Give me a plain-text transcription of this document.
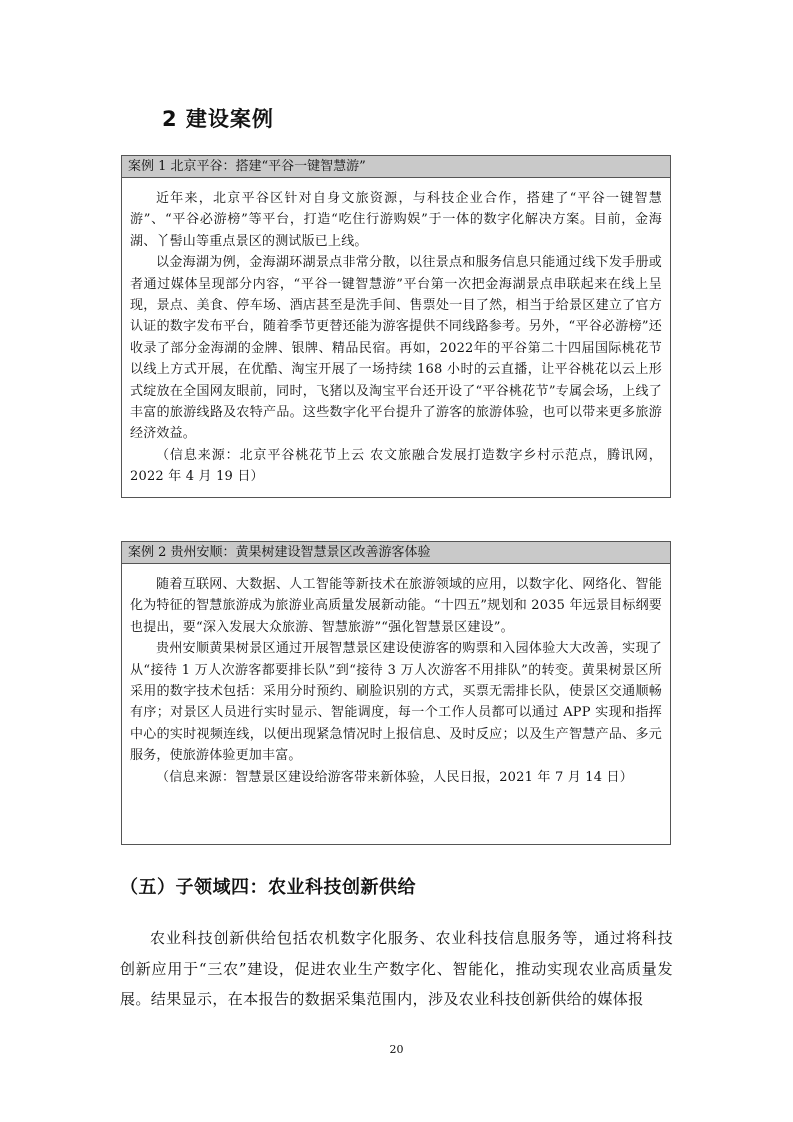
2 建设案例
案例 1 北京平谷：搭建“平谷一键智慧游”

近年来，北京平谷区针对自身文旅资源，与科技企业合作，搭建了“平谷一键智慧游”、“平谷必游榜”等平台，打造“吃住行游购娱”于一体的数字化解决方案。目前，金海湖、丫髻山等重点景区的测试版已上线。

以金海湖为例，金海湖环湖景点非常分散，以往景点和服务信息只能通过线下发手册或者通过媒体呈现部分内容，“平谷一键智慧游”平台第一次把金海湖景点串联起来在线上呈现，景点、美食、停车场、酒店甚至是洗手间、售票处一目了然，相当于给景区建立了官方认证的数字发布平台，随着季节更替还能为游客提供不同线路参考。另外，“平谷必游榜”还收录了部分金海湖的金牌、银牌、精品民宿。再如，2022年的平谷第二十四届国际桃花节以线上方式开展，在优酷、淘宝开展了一场持续 168 小时的云直播，让平谷桃花以云上形式绽放在全国网友眼前，同时，飞猪以及淘宝平台还开设了“平谷桃花节”专属会场，上线了丰富的旅游线路及农特产品。这些数字化平台提升了游客的旅游体验，也可以带来更多旅游经济效益。

（信息来源：北京平谷桃花节上云 农文旅融合发展打造数字乡村示范点，腾讯网，2022 年 4 月 19 日）

案例 2 贵州安顺：黄果树建设智慧景区改善游客体验

随着互联网、大数据、人工智能等新技术在旅游领域的应用，以数字化、网络化、智能化为特征的智慧旅游成为旅游业高质量发展新动能。“十四五”规划和 2035 年远景目标纲要也提出，要“深入发展大众旅游、智慧旅游”“强化智慧景区建设”。

贵州安顺黄果树景区通过开展智慧景区建设使游客的购票和入园体验大大改善，实现了从“接待 1 万人次游客都要排长队”到“接待 3 万人次游客不用排队”的转变。黄果树景区所采用的数字技术包括：采用分时预约、刷脸识别的方式，买票无需排长队，使景区交通顺畅有序；对景区人员进行实时显示、智能调度，每一个工作人员都可以通过 APP 实现和指挥中心的实时视频连线，以便出现紧急情况时上报信息、及时反应；以及生产智慧产品、多元服务，使旅游体验更加丰富。

（信息来源：智慧景区建设给游客带来新体验，人民日报，2021 年 7 月 14 日）

（五）子领域四：农业科技创新供给

农业科技创新供给包括农机数字化服务、农业科技信息服务等，通过将科技创新应用于“三农”建设，促进农业生产数字化、智能化，推动实现农业高质量发展。结果显示，在本报告的数据采集范围内，涉及农业科技创新供给的媒体报

20
